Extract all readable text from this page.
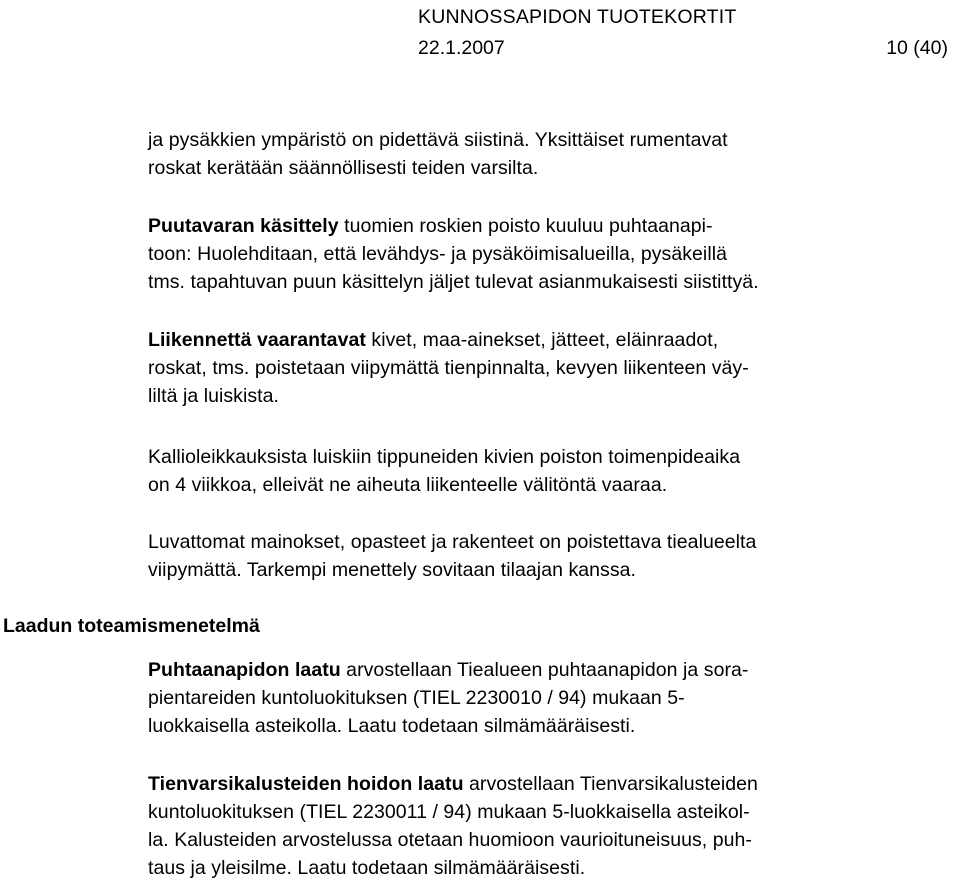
KUNNOSSAPIDON TUOTEKORTIT
22.1.2007	10 (40)
ja pysäkkien ympäristö on pidettävä siistinä. Yksittäiset rumentavat
roskat kerätään säännöllisesti teiden varsilta.
Puutavaran käsittely tuomien roskien poisto kuuluu puhtaanapi-
toon: Huolehditaan, että levähdys- ja pysäköimisalueilla, pysäkeillä
tms. tapahtuvan puun käsittelyn jäljet tulevat asianmukaisesti siistittyä.
Liikennettä vaarantavat kivet, maa-ainekset, jätteet, eläinraadot,
roskat, tms. poistetaan viipymättä tienpinnalta, kevyen liikenteen väy-
liltä ja luiskista.
Kallioleikkauksista luiskiin tippuneiden kivien poiston toimenpideaika
on 4 viikkoa, elleivät ne aiheuta liikenteelle välitöntä vaaraa.
Luvattomat mainokset, opasteet ja rakenteet on poistettava tiealueelta
viipymättä. Tarkempi menettely sovitaan tilaajan kanssa.
Laadun toteamismenetelmä
Puhtaanapidon laatu arvostellaan Tiealueen puhtaanapidon ja sora-
pientareiden kuntoluokituksen (TIEL 2230010 / 94) mukaan 5-
luokkaisella asteikolla. Laatu todetaan silmämääräisesti.
Tienvarsikalusteiden hoidon laatu arvostellaan Tienvarsikalusteiden
kuntoluokituksen (TIEL 2230011 / 94) mukaan 5-luokkaisella asteikol-
la. Kalusteiden arvostelussa otetaan huomioon vaurioituneisuus, puh-
taus ja yleisilme. Laatu todetaan silmämääräisesti.
